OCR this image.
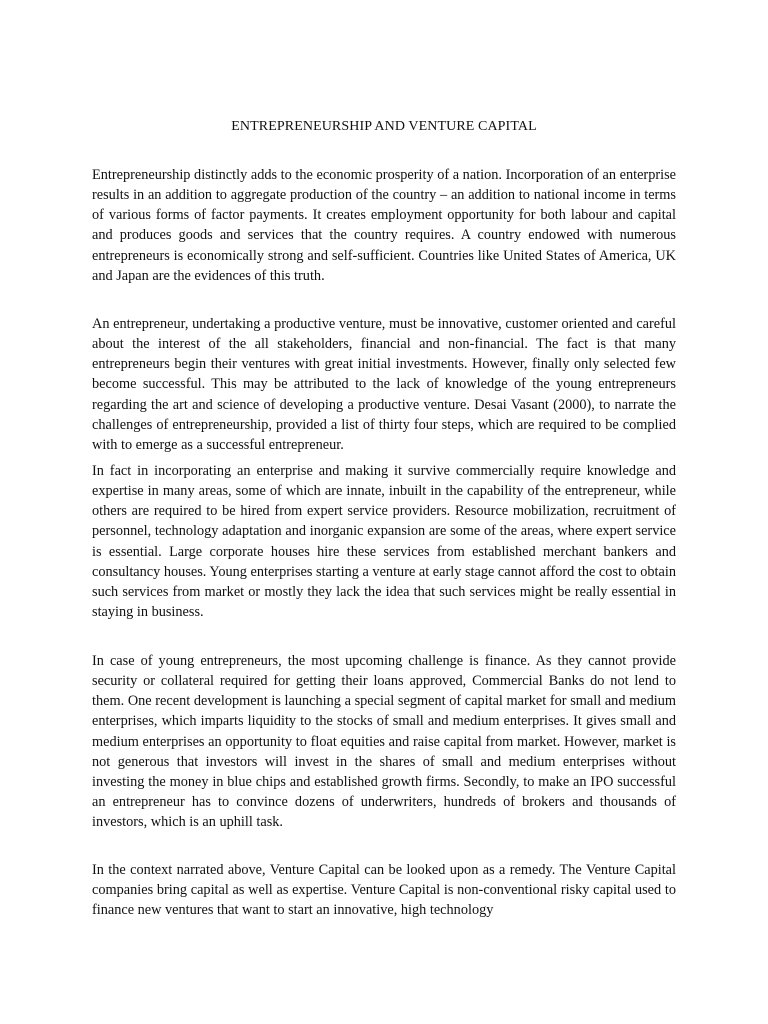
ENTREPRENEURSHIP AND VENTURE CAPITAL

Entrepreneurship distinctly adds to the economic prosperity of a nation. Incorporation of an enterprise results in an addition to aggregate production of the country – an addition to national income in terms of various forms of factor payments. It creates employment opportunity for both labour and capital and produces goods and services that the country requires. A country endowed with numerous entrepreneurs is economically strong and self-sufficient. Countries like United States of America, UK and Japan are the evidences of this truth.

An entrepreneur, undertaking a productive venture, must be innovative, customer oriented and careful about the interest of the all stakeholders, financial and non-financial. The fact is that many entrepreneurs begin their ventures with great initial investments. However, finally only selected few become successful. This may be attributed to the lack of knowledge of the young entrepreneurs regarding the art and science of developing a productive venture. Desai Vasant (2000), to narrate the challenges of entrepreneurship, provided a list of thirty four steps, which are required to be complied with to emerge as a successful entrepreneur.

In fact in incorporating an enterprise and making it survive commercially require knowledge and expertise in many areas, some of which are innate, inbuilt in the capability of the entrepreneur, while others are required to be hired from expert service providers. Resource mobilization, recruitment of personnel, technology adaptation and inorganic expansion are some of the areas, where expert service is essential. Large corporate houses hire these services from established merchant bankers and consultancy houses. Young enterprises starting a venture at early stage cannot afford the cost to obtain such services from market or mostly they lack the idea that such services might be really essential in staying in business.

In case of young entrepreneurs, the most upcoming challenge is finance. As they cannot provide security or collateral required for getting their loans approved, Commercial Banks do not lend to them. One recent development is launching a special segment of capital market for small and medium enterprises, which imparts liquidity to the stocks of small and medium enterprises. It gives small and medium enterprises an opportunity to float equities and raise capital from market. However, market is not generous that investors will invest in the shares of small and medium enterprises without investing the money in blue chips and established growth firms. Secondly, to make an IPO successful an entrepreneur has to convince dozens of underwriters, hundreds of brokers and thousands of investors, which is an uphill task.

In the context narrated above, Venture Capital can be looked upon as a remedy. The Venture Capital companies bring capital as well as expertise. Venture Capital is non-conventional risky capital used to finance new ventures that want to start an innovative, high technology
